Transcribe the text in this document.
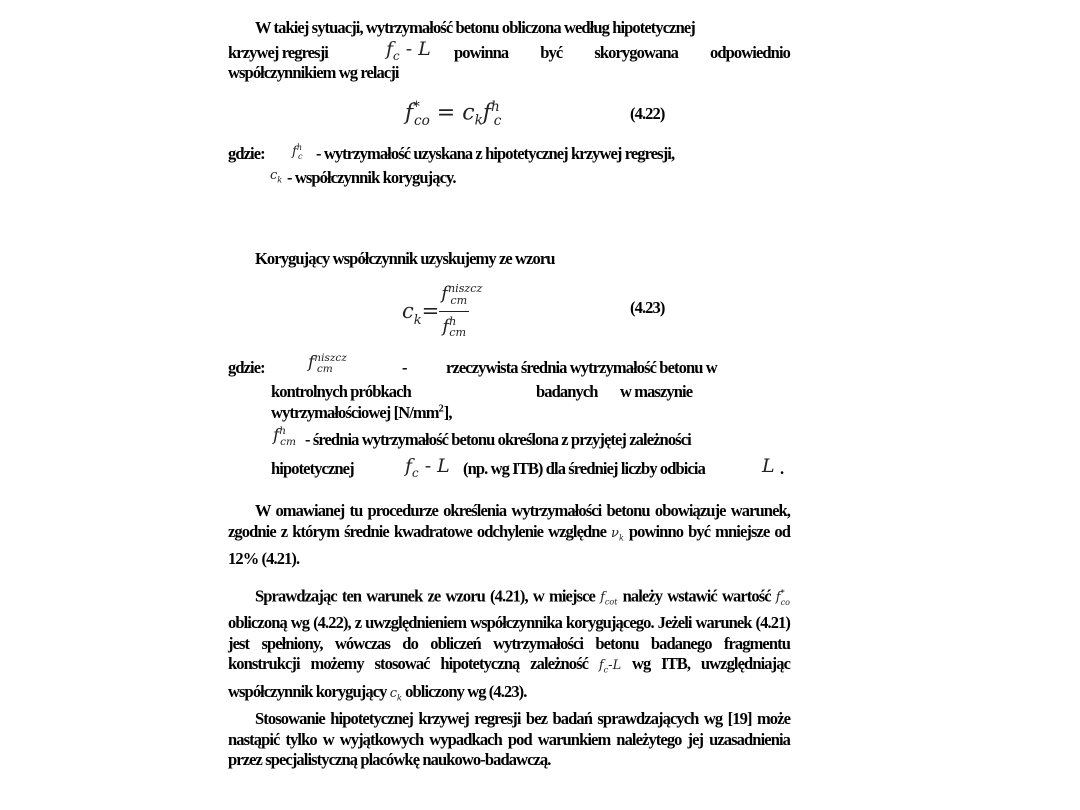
W takiej sytuacji, wytrzymałość betonu obliczona według hipotetycznej
krzywej regresji	$f_c$ - L powinna być skorygowana odpowiednio
współczynnikiem wg relacji
$f^*_{co} = c_kf^h_c$	(4.22)
gdzie: $f^h_c$ - wytrzymałość uzyskana z hipotetycznej krzywej regresji,
$c_k$ - współczynnik korygujący.
Korygujący współczynnik uzyskujemy ze wzoru
$c_k = \frac{f^{niszcz}_{cm}}{f^h_{cm}}$	(4.23)
gdzie:	$f^{niszcz}_{cm}$	- rzeczywista średnia wytrzymałość betonu w
kontrolnych próbkach	badanych w maszynie
wytrzymałościowej $[N/mm^2]$,
$f^h_{cm}$ - średnia wytrzymałość betonu określona z przyjętej zależności
hipotetycznej	$f_c$ - L (np. wg ITB) dla średniej liczby odbicia	L .
W omawianej tu procedurze określenia wytrzymałości betonu obowiązuje warunek, zgodnie z którym średnie kwadratowe odchylenie względne $\nu_k$ powinno być mniejsze od 12% (4.21).
Sprawdzając ten warunek ze wzoru (4.21), w miejsce $f_{cot}$ należy wstawić wartość $f^*_{co}$ obliczoną wg (4.22), z uwzględnieniem współczynnika korygującego. Jeżeli warunek (4.21) jest spełniony, wówczas do obliczeń wytrzymałości betonu badanego fragmentu konstrukcji możemy stosować hipotetyczną zależność $f_c-L$ wg ITB, uwzględniając współczynnik korygujący $c_k$ obliczony wg (4.23).
Stosowanie hipotetycznej krzywej regresji bez badań sprawdzających wg [19] może nastąpić tylko w wyjątkowych wypadkach pod warunkiem należytego jej uzasadnienia przez specjalistyczną placówkę naukowo-badawczą.
